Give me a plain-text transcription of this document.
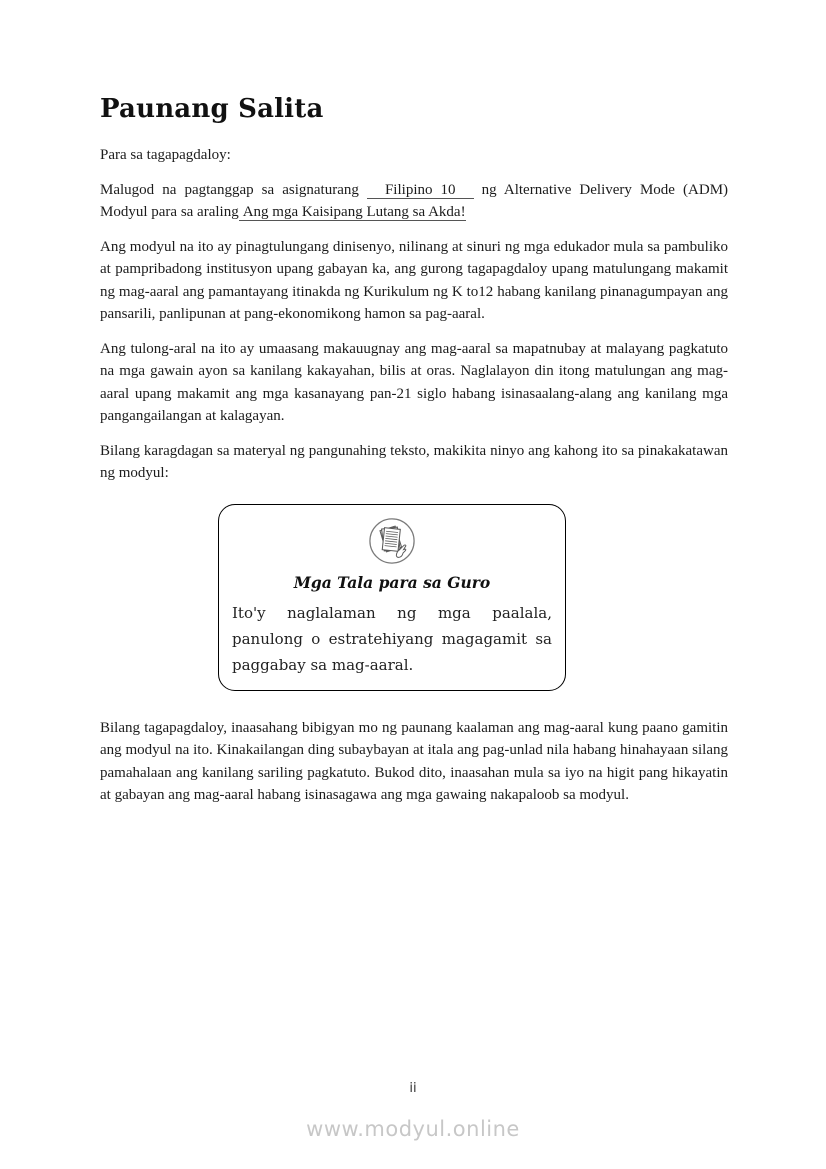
Paunang Salita

Para sa tagapagdaloy:

Malugod na pagtanggap sa asignaturang Filipino 10 ng Alternative Delivery Mode (ADM) Modyul para sa araling Ang mga Kaisipang Lutang sa Akda!

Ang modyul na ito ay pinagtulungang dinisenyo, nilinang at sinuri ng mga edukador mula sa pambuliko at pampribadong institusyon upang gabayan ka, ang gurong tagapagdaloy upang matulungang makamit ng mag-aaral ang pamantayang itinakda ng Kurikulum ng K to12 habang kanilang pinanagumpayan ang pansarili, panlipunan at pang-ekonomikong hamon sa pag-aaral.

Ang tulong-aral na ito ay umaasang makauugnay ang mag-aaral sa mapatnubay at malayang pagkatuto na mga gawain ayon sa kanilang kakayahan, bilis at oras. Naglalayon din itong matulungan ang mag-aaral upang makamit ang mga kasanayang pan-21 siglo habang isinasaalang-alang ang kanilang mga pangangailangan at kalagayan.

Bilang karagdagan sa materyal ng pangunahing teksto, makikita ninyo ang kahong ito sa pinakakatawan ng modyul:

Mga Tala para sa Guro

Ito'y naglalaman ng mga paalala, panulong o estratehiyang magagamit sa paggabay sa mag-aaral.

Bilang tagapagdaloy, inaasahang bibigyan mo ng paunang kaalaman ang mag-aaral kung paano gamitin ang modyul na ito. Kinakailangan ding subaybayan at itala ang pag-unlad nila habang hinahayaan silang pamahalaan ang kanilang sariling pagkatuto. Bukod dito, inaasahan mula sa iyo na higit pang hikayatin at gabayan ang mag-aaral habang isinasagawa ang mga gawaing nakapaloob sa modyul.

ii
www.modyul.online
